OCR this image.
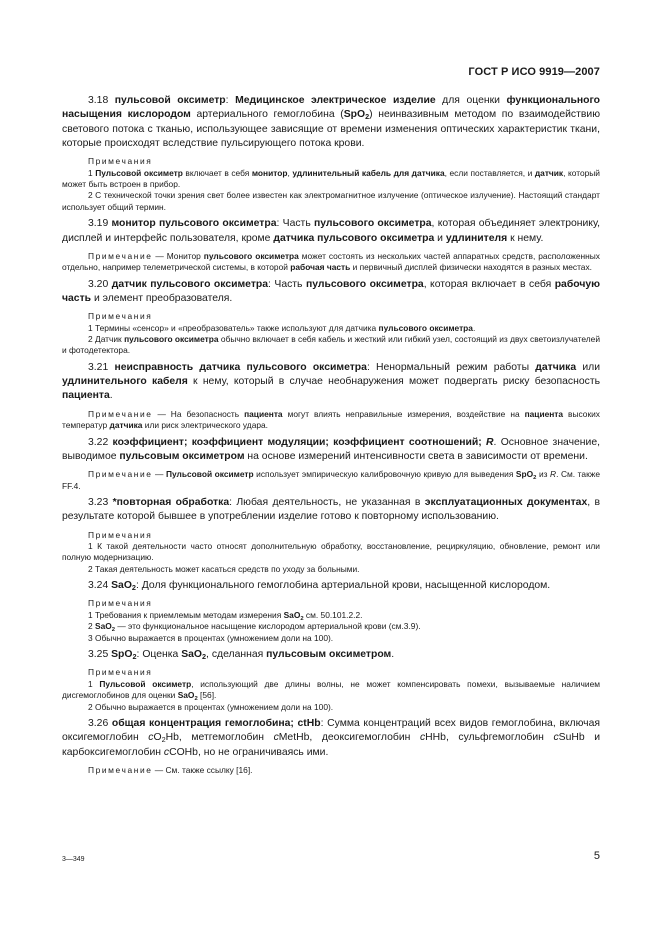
ГОСТ Р ИСО 9919—2007

3.18 пульсовой оксиметр: Медицинское электрическое изделие для оценки функционального насыщения кислородом артериального гемоглобина (SpO$_2$) неинвазивным методом по взаимодействию светового потока с тканью, использующее зависящие от времени изменения оптических характеристик ткани, которые происходят вследствие пульсирующего потока крови.

Примечания

1 Пульсовой оксиметр включает в себя монитор, удлинительный кабель для датчика, если поставляется, и датчик, который может быть встроен в прибор.

2 С технической точки зрения свет более известен как электромагнитное излучение (оптическое излучение). Настоящий стандарт использует общий термин.

3.19 монитор пульсового оксиметра: Часть пульсового оксиметра, которая объединяет электронику, дисплей и интерфейс пользователя, кроме датчика пульсового оксиметра и удлинителя к нему.

Примечание — Монитор пульсового оксиметра может состоять из нескольких частей аппаратных средств, расположенных отдельно, например телеметрической системы, в которой рабочая часть и первичный дисплей физически находятся в разных местах.

3.20 датчик пульсового оксиметра: Часть пульсового оксиметра, которая включает в себя рабочую часть и элемент преобразователя.

Примечания

1 Термины «сенсор» и «преобразователь» также используют для датчика пульсового оксиметра.

2 Датчик пульсового оксиметра обычно включает в себя кабель и жесткий или гибкий узел, состоящий из двух светоизлучателей и фотодетектора.

3.21 неисправность датчика пульсового оксиметра: Ненормальный режим работы датчика или удлинительного кабеля к нему, который в случае необнаружения может подвергать риску безопасность пациента.

Примечание — На безопасность пациента могут влиять неправильные измерения, воздействие на пациента высоких температур датчика или риск электрического удара.

3.22 коэффициент; коэффициент модуляции; коэффициент соотношений; R. Основное значение, выводимое пульсовым оксиметром на основе измерений интенсивности света в зависимости от времени.

Примечание — Пульсовой оксиметр использует эмпирическую калибровочную кривую для выведения SpO$_2$ из R. См. также FF.4.

3.23 *повторная обработка: Любая деятельность, не указанная в эксплуатационных документах, в результате которой бывшее в употреблении изделие готово к повторному использованию.

Примечания

1 К такой деятельности часто относят дополнительную обработку, восстановление, рециркуляцию, обновление, ремонт или полную модернизацию.

2 Такая деятельность может касаться средств по уходу за больными.

3.24 SaO$_2$: Доля функционального гемоглобина артериальной крови, насыщенной кислородом.

Примечания

1 Требования к приемлемым методам измерения SaO$_2$ см. 50.101.2.2.

2 SaO$_2$ — это функциональное насыщение кислородом артериальной крови (см.3.9).

3 Обычно выражается в процентах (умножением доли на 100).

3.25 SpO$_2$: Оценка SaO$_2$, сделанная пульсовым оксиметром.

Примечания

1 Пульсовой оксиметр, использующий две длины волны, не может компенсировать помехи, вызываемые наличием дисгемоглобинов для оценки SaO$_2$ [56].

2 Обычно выражается в процентах (умножением доли на 100).

3.26 общая концентрация гемоглобина; ctHb: Сумма концентраций всех видов гемоглобина, включая оксигемоглобин $cO_2Hb$, метгемоглобин cMetHb, деоксигемоглобин cHHb, сульфгемоглобин cSuHb и карбоксигемоглобин cCOHb, но не ограничиваясь ими.

Примечание — См. также ссылку [16].

3—349	5
